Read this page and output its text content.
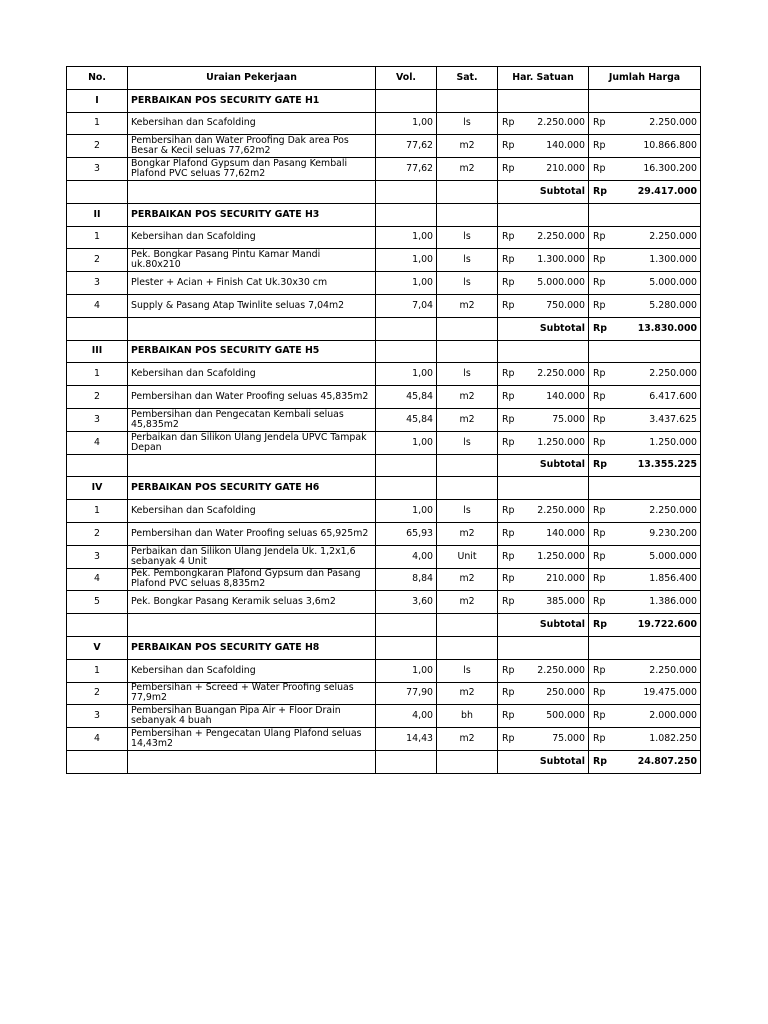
No.	Uraian Pekerjaan	Vol.	Sat.	Har. Satuan	Jumlah Harga
I	PERBAIKAN POS SECURITY GATE H1				
1	Kebersihan dan Scafolding	1,00	ls	Rp 2.250.000	Rp 2.250.000

2	Pembersihan dan Water Proofing Dak area Pos Besar & Kecil seluas 77,62m2	77,62	m2	Rp 140.000	Rp 10.866.800

3	Bongkar Plafond Gypsum dan Pasang Kembali Plafond PVC seluas 77,62m2	77,62	m2	Rp 210.000	Rp 16.300.200

				Subtotal	Rp 29.417.000

II	PERBAIKAN POS SECURITY GATE H3				
1	Kebersihan dan Scafolding	1,00	ls	Rp 2.250.000	Rp 2.250.000

2	Pek. Bongkar Pasang Pintu Kamar Mandi uk.80x210	1,00	ls	Rp 1.300.000	Rp 1.300.000

3	Plester + Acian + Finish Cat Uk.30x30 cm	1,00	ls	Rp 5.000.000	Rp 5.000.000

4	Supply & Pasang Atap Twinlite seluas 7,04m2	7,04	m2	Rp 750.000	Rp 5.280.000

				Subtotal	Rp 13.830.000

III	PERBAIKAN POS SECURITY GATE H5				
1	Kebersihan dan Scafolding	1,00	ls	Rp 2.250.000	Rp 2.250.000

2	Pembersihan dan Water Proofing seluas 45,835m2	45,84	m2	Rp 140.000	Rp 6.417.600

3	Pembersihan dan Pengecatan Kembali seluas 45,835m2	45,84	m2	Rp 75.000	Rp 3.437.625

4	Perbaikan dan Silikon Ulang Jendela UPVC Tampak Depan	1,00	ls	Rp 1.250.000	Rp 1.250.000

				Subtotal	Rp 13.355.225

IV	PERBAIKAN POS SECURITY GATE H6				
1	Kebersihan dan Scafolding	1,00	ls	Rp 2.250.000	Rp 2.250.000

2	Pembersihan dan Water Proofing seluas 65,925m2	65,93	m2	Rp 140.000	Rp 9.230.200

3	Perbaikan dan Silikon Ulang Jendela Uk. 1,2x1,6 sebanyak 4 Unit	4,00	Unit	Rp 1.250.000	Rp 5.000.000

4	Pek. Pembongkaran Plafond Gypsum dan Pasang Plafond PVC seluas 8,835m2	8,84	m2	Rp 210.000	Rp 1.856.400

5	Pek. Bongkar Pasang Keramik seluas 3,6m2	3,60	m2	Rp 385.000	Rp 1.386.000

				Subtotal	Rp 19.722.600

V	PERBAIKAN POS SECURITY GATE H8				
1	Kebersihan dan Scafolding	1,00	ls	Rp 2.250.000	Rp 2.250.000

2	Pembersihan + Screed + Water Proofing seluas 77,9m2	77,90	m2	Rp 250.000	Rp 19.475.000

3	Pembersihan Buangan Pipa Air + Floor Drain sebanyak 4 buah	4,00	bh	Rp 500.000	Rp 2.000.000

4	Pembersihan + Pengecatan Ulang Plafond seluas 14,43m2	14,43	m2	Rp 75.000	Rp 1.082.250

				Subtotal	Rp 24.807.250
